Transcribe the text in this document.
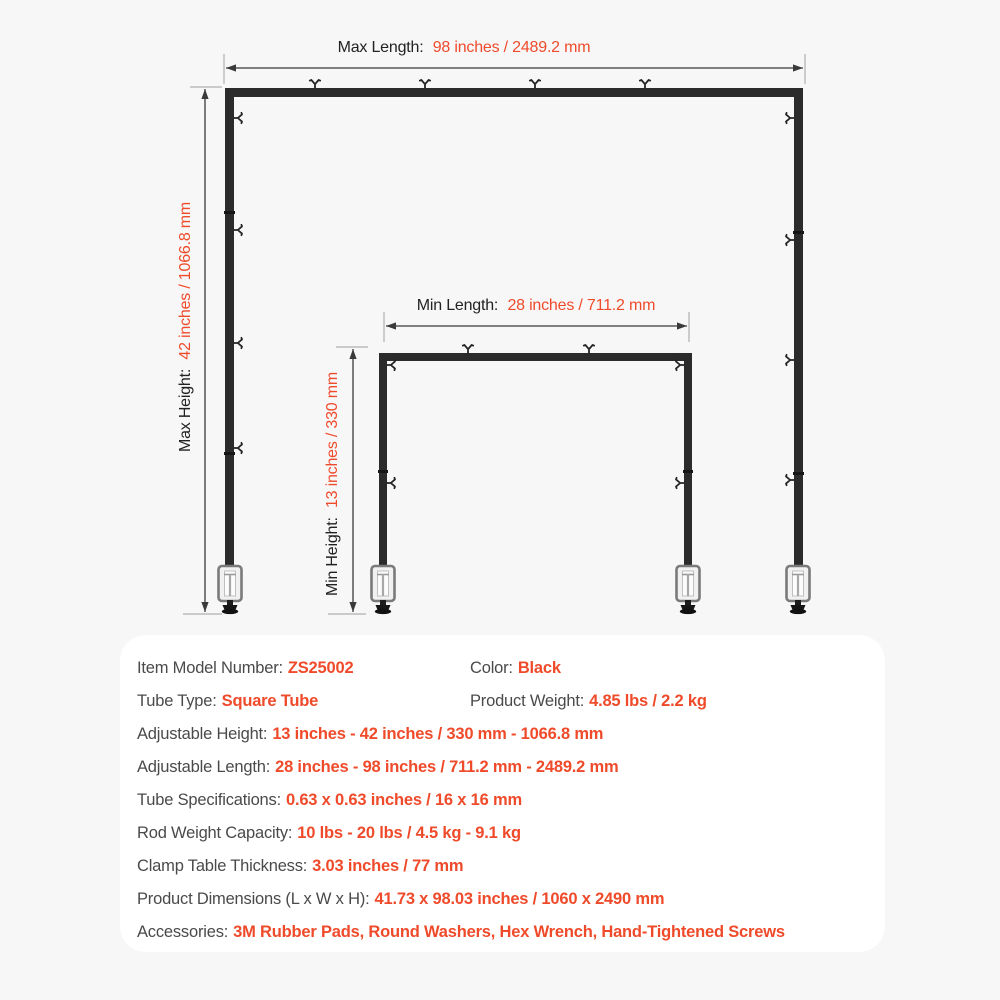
Max Length: 98 inches / 2489.2 mm
Min Length: 28 inches / 711.2 mm
Max Height: 42 inches / 1066.8 mm
Min Height: 13 inches / 330 mm
Item Model Number: ZS25002	Color: Black
Tube Type: Square Tube	Product Weight: 4.85 lbs / 2.2 kg
Adjustable Height: 13 inches - 42 inches / 330 mm - 1066.8 mm
Adjustable Length: 28 inches - 98 inches / 711.2 mm - 2489.2 mm
Tube Specifications: 0.63 x 0.63 inches / 16 x 16 mm
Rod Weight Capacity: 10 lbs - 20 lbs / 4.5 kg - 9.1 kg
Clamp Table Thickness: 3.03 inches / 77 mm
Product Dimensions (L x W x H): 41.73 x 98.03 inches / 1060 x 2490 mm
Accessories: 3M Rubber Pads, Round Washers, Hex Wrench, Hand-Tightened Screws
